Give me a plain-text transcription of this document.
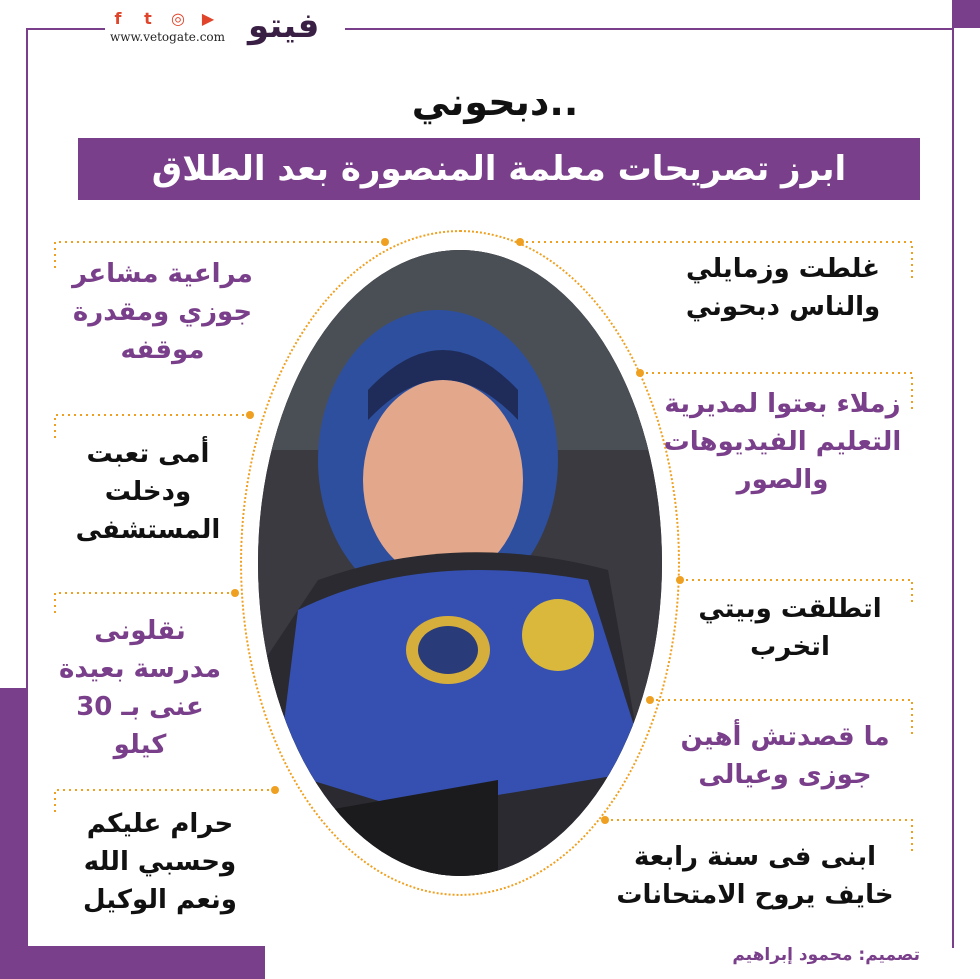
f	t	◎ ▶
www.vetogate.com فيتو
دبحوني..
ابرز تصريحات معلمة المنصورة بعد الطلاق
غلطت وزمايلي والناس دبحوني
زملاء بعتوا لمديرية التعليم الفيديوهات والصور
اتطلقت وبيتي اتخرب
ما قصدتش أهين جوزى وعيالى
ابنى فى سنة رابعة خايف يروح الامتحانات
مراعية مشاعر جوزي ومقدرة موقفه
أمى تعبت ودخلت المستشفى
نقلونى مدرسة بعيدة عنى بـ 30 كيلو
حرام عليكم وحسبي الله ونعم الوكيل
تصميم: محمود إبراهيم
